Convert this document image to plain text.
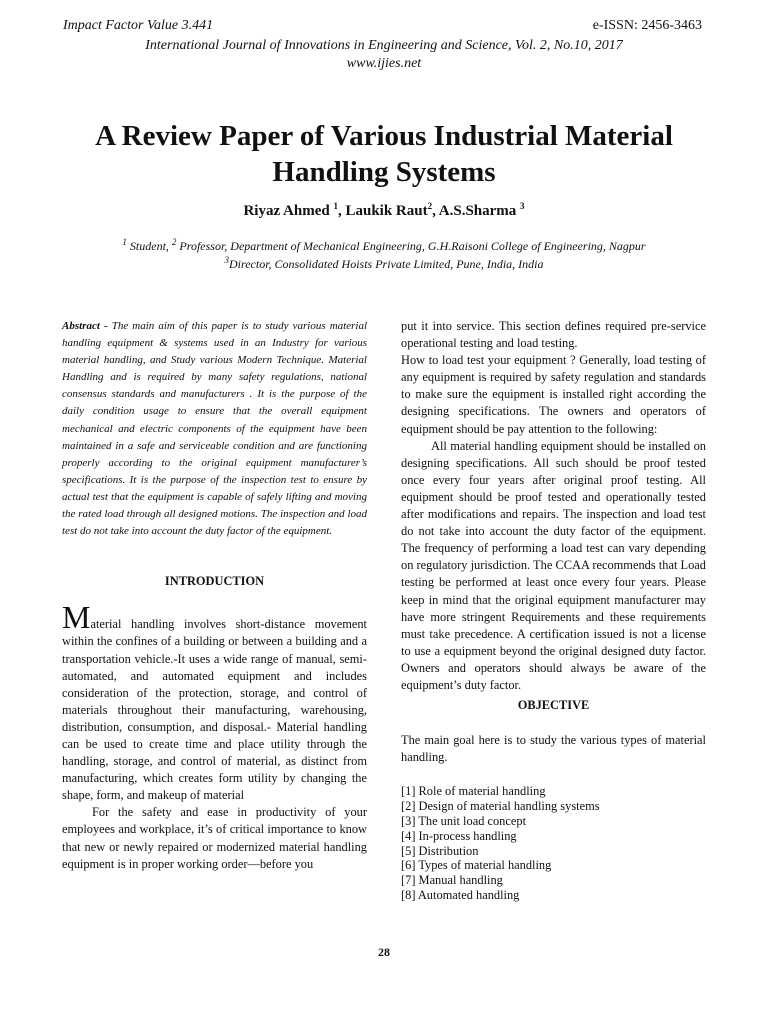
Impact Factor Value 3.441	e-ISSN: 2456-3463
International Journal of Innovations in Engineering and Science, Vol. 2, No.10, 2017
www.ijies.net
A Review Paper of Various Industrial Material Handling Systems
Riyaz Ahmed $^1$, Laukik Raut$^2$, A.S.Sharma $^3$
$^1$ Student, $^2$ Professor, Department of Mechanical Engineering, G.H.Raisoni College of Engineering, Nagpur
$^3$Director, Consolidated Hoists Private Limited, Pune, India, India

Abstract - The main aim of this paper is to study various material handling equipment & systems used in an Industry for various material handling, and Study various Modern Technique. Material Handling and is required by many safety regulations, national consensus standards and manufacturers . It is the purpose of the daily condition usage to ensure that the overall equipment mechanical and electric components of the equipment have been maintained in a safe and serviceable condition and are functioning properly according to the original equipment manufacturer’s specifications. It is the purpose of the inspection test to ensure by actual test that the equipment is capable of safely lifting and moving the rated load through all designed motions. The inspection and load test do not take into account the duty factor of the equipment.

INTRODUCTION

Material handling involves short-distance movement within the confines of a building or between a building and a transportation vehicle.-It uses a wide range of manual, semi-automated, and automated equipment and includes consideration of the protection, storage, and control of materials throughout their manufacturing, warehousing, distribution, consumption, and disposal.- Material handling can be used to create time and place utility through the handling, storage, and control of material, as distinct from manufacturing, which creates form utility by changing the shape, form, and makeup of material

For the safety and ease in productivity of your employees and workplace, it’s of critical importance to know that new or newly repaired or modernized material handling equipment is in proper working order—before you

put it into service. This section defines required pre-service operational testing and load testing.

How to load test your equipment ? Generally, load testing of any equipment is required by safety regulation and standards to make sure the equipment is installed right according the designing specifications. The owners and operators of equipment should be pay attention to the following:

All material handling equipment should be installed on designing specifications. All such should be proof tested once every four years after original proof testing. All equipment should be proof tested and operationally tested after modifications and repairs. The inspection and load test do not take into account the duty factor of the equipment. The frequency of performing a load test can vary depending on regulatory jurisdiction. The CCAA recommends that Load testing be performed at least once every four years. Please keep in mind that the original equipment manufacturer may have more stringent Requirements and these requirements must take precedence. A certification issued is not a license to use a equipment beyond the original designed duty factor. Owners and operators should always be aware of the equipment’s duty factor.

OBJECTIVE

The main goal here is to study the various types of material handling.

[1] Role of material handling
[2] Design of material handling systems
[3] The unit load concept
[4] In-process handling
[5] Distribution
[6] Types of material handling
[7] Manual handling
[8] Automated handling
28
